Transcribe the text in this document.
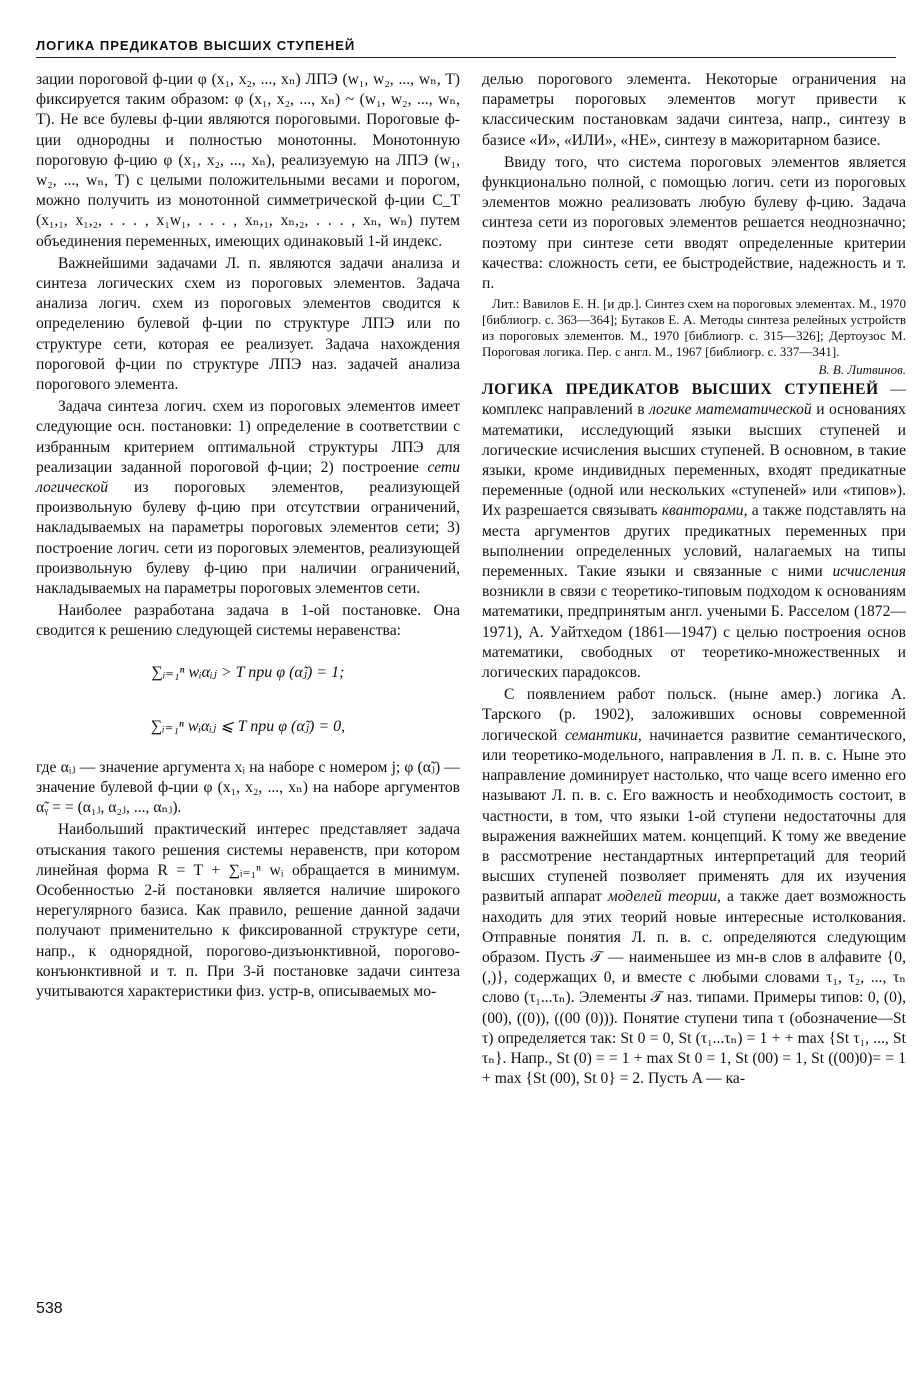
ЛОГИКА ПРЕДИКАТОВ ВЫСШИХ СТУПЕНЕЙ

зации пороговой ф-ции φ (x₁, x₂, ..., xₙ) ЛПЭ (w₁, w₂, ..., wₙ, T) фиксируется таким образом: φ (x₁, x₂, ..., xₙ) ~ (w₁, w₂, ..., wₙ, T). Не все булевы ф-ции являются пороговыми. Пороговые ф-ции однородны и полностью монотонны. Монотонную пороговую ф-цию φ (x₁, x₂, ..., xₙ), реализуемую на ЛПЭ (w₁, w₂, ..., wₙ, T) с целыми положительными весами и порогом, можно получить из монотонной симметрической ф-ции C_T (x₁,₁, x₁,₂, . . . , x₁w₁, . . . , xₙ,₁, xₙ,₂, . . . , xₙ, wₙ) путем объединения переменных, имеющих одинаковый 1-й индекс.

Важнейшими задачами Л. п. являются задачи анализа и синтеза логических схем из пороговых элементов. Задача анализа логич. схем из пороговых элементов сводится к определению булевой ф-ции по структуре ЛПЭ или по структуре сети, которая ее реализует. Задача нахождения пороговой ф-ции по структуре ЛПЭ наз. задачей анализа порогового элемента.

Задача синтеза логич. схем из пороговых элементов имеет следующие осн. постановки: 1) определение в соответствии с избранным критерием оптимальной структуры ЛПЭ для реализации заданной пороговой ф-ции; 2) построение сети логической из пороговых элементов, реализующей произвольную булеву ф-цию при отсутствии ограничений, накладываемых на параметры пороговых элементов сети; 3) построение логич. сети из пороговых элементов, реализующей произвольную булеву ф-цию при наличии ограничений, накладываемых на параметры пороговых элементов сети.

Наиболее разработана задача в 1-ой постановке. Она сводится к решению следующей системы неравенства:

∑ᵢ₌₁ⁿ wᵢαᵢⱼ > T при φ (α̃ⱼ) = 1;

∑ᵢ₌₁ⁿ wᵢαᵢⱼ ⩽ T при φ (α̃ⱼ) = 0,

где αᵢⱼ — значение аргумента xᵢ на наборе с номером j; φ (α̃ⱼ) — значение булевой ф-ции φ (x₁, x₂, ..., xₙ) на наборе аргументов α̃ᵧ = = (α₁ⱼ, α₂ⱼ, ..., αₙⱼ).

Наибольший практический интерес представляет задача отыскания такого решения системы неравенств, при котором линейная форма R = T + ∑ᵢ₌₁ⁿ wᵢ обращается в минимум. Особенностью 2-й постановки является наличие широкого нерегулярного базиса. Как правило, решение данной задачи получают применительно к фиксированной структуре сети, напр., к однорядной, порогово-дизъюнктивной, порогово-конъюнктивной и т. п. При 3-й постановке задачи синтеза учитываются характеристики физ. устр-в, описываемых мо-

делью порогового элемента. Некоторые ограничения на параметры пороговых элементов могут привести к классическим постановкам задачи синтеза, напр., синтезу в базисе «И», «ИЛИ», «НЕ», синтезу в мажоритарном базисе.

Ввиду того, что система пороговых элементов является функционально полной, с помощью логич. сети из пороговых элементов можно реализовать любую булеву ф-цию. Задача синтеза сети из пороговых элементов решается неоднозначно; поэтому при синтезе сети вводят определенные критерии качества: сложность сети, ее быстродействие, надежность и т. п.

Лит.: Вавилов Е. Н. [и др.]. Синтез схем на пороговых элементах. М., 1970 [библиогр. с. 363—364]; Бутаков Е. А. Методы синтеза релейных устройств из пороговых элементов. М., 1970 [библиогр. с. 315—326]; Дертоузос М. Пороговая логика. Пер. с англ. М., 1967 [библиогр. с. 337—341].

В. В. Литвинов.

ЛОГИКА ПРЕДИКАТОВ ВЫСШИХ СТУПЕНЕЙ — комплекс направлений в логике математической и основаниях математики, исследующий языки высших ступеней и логические исчисления высших ступеней. В основном, в такие языки, кроме индивидных переменных, входят предикатные переменные (одной или нескольких «ступеней» или «типов»). Их разрешается связывать кванторами, а также подставлять на места аргументов других предикатных переменных при выполнении определенных условий, налагаемых на типы переменных. Такие языки и связанные с ними исчисления возникли в связи с теоретико-типовым подходом к основаниям математики, предпринятым англ. учеными Б. Расселом (1872—1971), А. Уайтхедом (1861—1947) с целью построения основ математики, свободных от теоретико-множественных и логических парадоксов.

С появлением работ польск. (ныне амер.) логика А. Тарского (р. 1902), заложивших основы современной логической семантики, начинается развитие семантического, или теоретико-модельного, направления в Л. п. в. с. Ныне это направление доминирует настолько, что чаще всего именно его называют Л. п. в. с. Его важность и необходимость состоит, в частности, в том, что языки 1-ой ступени недостаточны для выражения важнейших матем. концепций. К тому же введение в рассмотрение нестандартных интерпретаций для теорий высших ступеней позволяет применять для их изучения развитый аппарат моделей теории, а также дает возможность находить для этих теорий новые интересные истолкования. Отправные понятия Л. п. в. с. определяются следующим образом. Пусть 𝒯 — наименьшее из мн-в слов в алфавите {0, (,)}, содержащих 0, и вместе с любыми словами τ₁, τ₂, ..., τₙ слово (τ₁...τₙ). Элементы 𝒯 наз. типами. Примеры типов: 0, (0), (00), ((0)), ((00 (0))). Понятие ступени типа τ (обозначение—St τ) определяется так: St 0 = 0, St (τ₁...τₙ) = 1 + + max {St τ₁, ..., St τₙ}. Напр., St (0) = = 1 + max St 0 = 1, St (00) = 1, St ((00)0)= = 1 + max {St (00), St 0} = 2. Пусть A — ка-

538
